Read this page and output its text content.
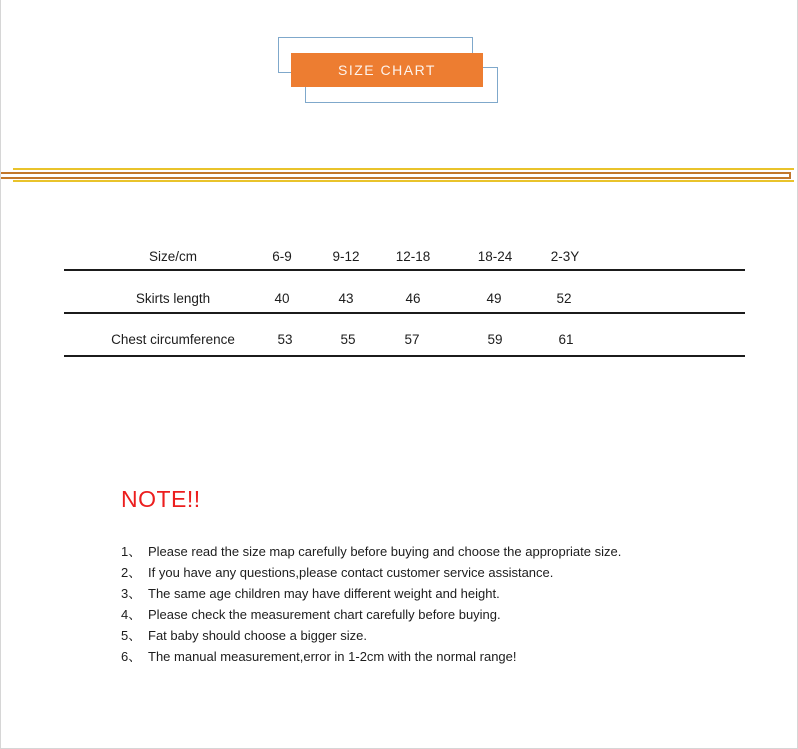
SIZE CHART
Size/cm	6-9	9-12	12-18	18-24	2-3Y
Skirts length	40	43	46	49	52
Chest circumference	53	55	57	59	61
NOTE!!
1、 Please read the size map carefully before buying and choose the appropriate size.
2、 If you have any questions,please contact customer service assistance.
3、 The same age children may have different weight and height.
4、 Please check the measurement chart carefully before buying.
5、 Fat baby should choose a bigger size.
6、 The manual measurement,error in 1-2cm with the normal range!
